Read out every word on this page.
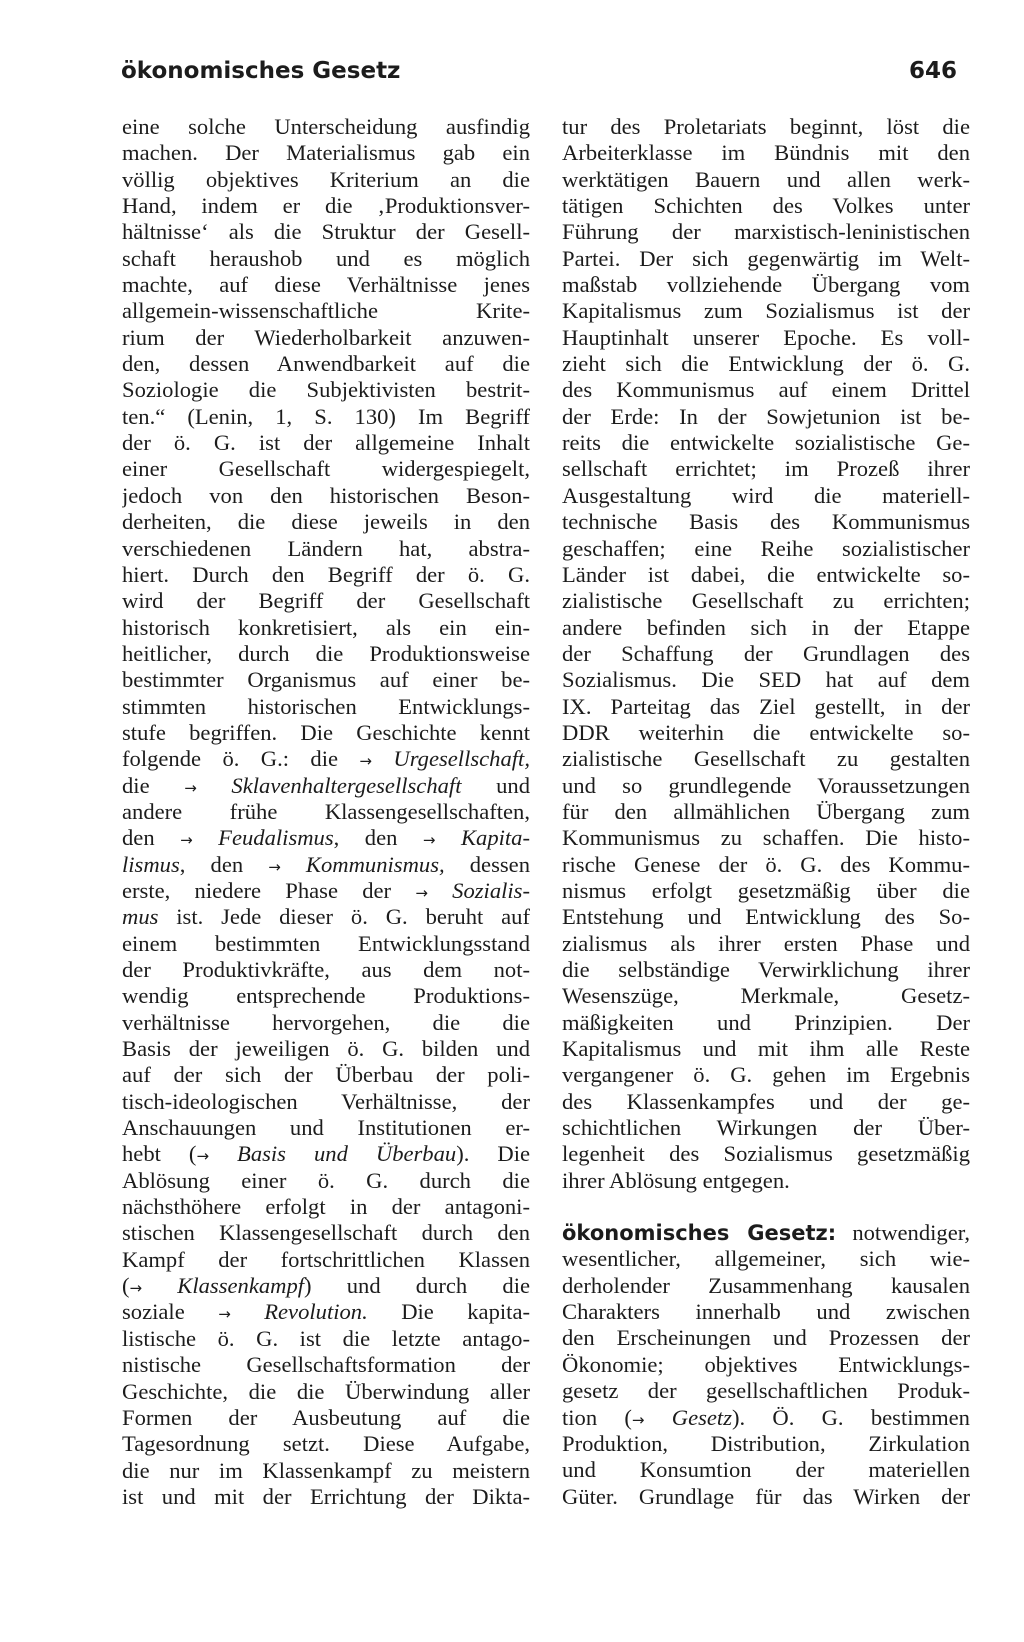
ökonomisches Gesetz	646
eine solche Unterscheidung ausfindig
machen. Der Materialismus gab ein
völlig objektives Kriterium an die
Hand, indem er die ‚Produktionsver-
hältnisse‘ als die Struktur der Gesell-
schaft heraushob und es möglich
machte, auf diese Verhältnisse jenes
allgemein-wissenschaftliche Krite-
rium der Wiederholbarkeit anzuwen-
den, dessen Anwendbarkeit auf die
Soziologie die Subjektivisten bestrit-
ten.“ (Lenin, 1, S. 130) Im Begriff
der ö. G. ist der allgemeine Inhalt
einer Gesellschaft widergespiegelt,
jedoch von den historischen Beson-
derheiten, die diese jeweils in den
verschiedenen Ländern hat, abstra-
hiert. Durch den Begriff der ö. G.
wird der Begriff der Gesellschaft
historisch konkretisiert, als ein ein-
heitlicher, durch die Produktionsweise
bestimmter Organismus auf einer be-
stimmten historischen Entwicklungs-
stufe begriffen. Die Geschichte kennt
folgende ö. G.: die → Urgesellschaft,
die → Sklavenhaltergesellschaft und
andere frühe Klassengesellschaften,
den → Feudalismus, den → Kapita-
lismus, den → Kommunismus, dessen
erste, niedere Phase der → Sozialis-
mus ist. Jede dieser ö. G. beruht auf
einem bestimmten Entwicklungsstand
der Produktivkräfte, aus dem not-
wendig entsprechende Produktions-
verhältnisse hervorgehen, die die
Basis der jeweiligen ö. G. bilden und
auf der sich der Überbau der poli-
tisch-ideologischen Verhältnisse, der
Anschauungen und Institutionen er-
hebt (→ Basis und Überbau). Die
Ablösung einer ö. G. durch die
nächsthöhere erfolgt in der antagoni-
stischen Klassengesellschaft durch den
Kampf der fortschrittlichen Klassen
(→ Klassenkampf) und durch die
soziale → Revolution. Die kapita-
listische ö. G. ist die letzte antago-
nistische Gesellschaftsformation der
Geschichte, die die Überwindung aller
Formen der Ausbeutung auf die
Tagesordnung setzt. Diese Aufgabe,
die nur im Klassenkampf zu meistern
ist und mit der Errichtung der Dikta-
tur des Proletariats beginnt, löst die
Arbeiterklasse im Bündnis mit den
werktätigen Bauern und allen werk-
tätigen Schichten des Volkes unter
Führung der marxistisch-leninistischen
Partei. Der sich gegenwärtig im Welt-
maßstab vollziehende Übergang vom
Kapitalismus zum Sozialismus ist der
Hauptinhalt unserer Epoche. Es voll-
zieht sich die Entwicklung der ö. G.
des Kommunismus auf einem Drittel
der Erde: In der Sowjetunion ist be-
reits die entwickelte sozialistische Ge-
sellschaft errichtet; im Prozeß ihrer
Ausgestaltung wird die materiell-
technische Basis des Kommunismus
geschaffen; eine Reihe sozialistischer
Länder ist dabei, die entwickelte so-
zialistische Gesellschaft zu errichten;
andere befinden sich in der Etappe
der Schaffung der Grundlagen des
Sozialismus. Die SED hat auf dem
IX. Parteitag das Ziel gestellt, in der
DDR weiterhin die entwickelte so-
zialistische Gesellschaft zu gestalten
und so grundlegende Voraussetzungen
für den allmählichen Übergang zum
Kommunismus zu schaffen. Die histo-
rische Genese der ö. G. des Kommu-
nismus erfolgt gesetzmäßig über die
Entstehung und Entwicklung des So-
zialismus als ihrer ersten Phase und
die selbständige Verwirklichung ihrer
Wesenszüge, Merkmale, Gesetz-
mäßigkeiten und Prinzipien. Der
Kapitalismus und mit ihm alle Reste
vergangener ö. G. gehen im Ergebnis
des Klassenkampfes und der ge-
schichtlichen Wirkungen der Über-
legenheit des Sozialismus gesetzmäßig
ihrer Ablösung entgegen.
ökonomisches Gesetz: notwendiger,
wesentlicher, allgemeiner, sich wie-
derholender Zusammenhang kausalen
Charakters innerhalb und zwischen
den Erscheinungen und Prozessen der
Ökonomie; objektives Entwicklungs-
gesetz der gesellschaftlichen Produk-
tion (→ Gesetz). Ö. G. bestimmen
Produktion, Distribution, Zirkulation
und Konsumtion der materiellen
Güter. Grundlage für das Wirken der
